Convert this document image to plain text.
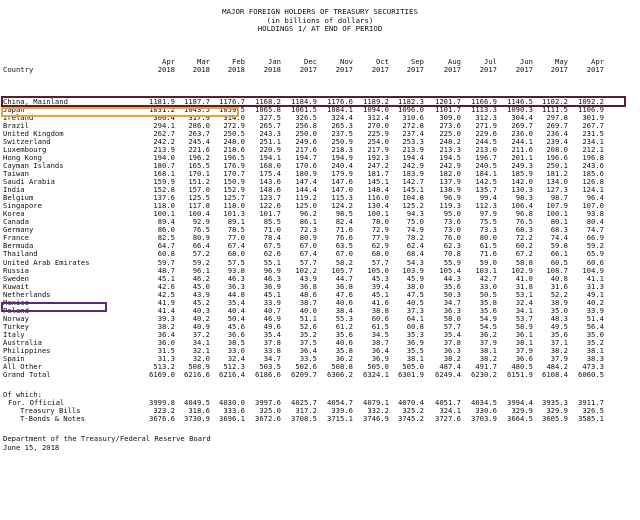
MAJOR FOREIGN HOLDERS OF TREASURY SECURITIES
(in billions of dollars)
HOLDINGS 1/ AT END OF PERIOD
Apr	Mar	Feb	Jan	Dec	Nov	Oct	Sep	Aug	Jul	Jun	May	Apr
Country	2018	2018	2018	2018	2017	2017	2017	2017	2017	2017	2017	2017	2017
China, Mainland	1181.9	1187.7	1176.7	1168.2	1184.9	1176.6	1189.2	1182.3	1201.7	1166.9	1146.5	1102.2	1092.2
Japan	1031.2	1043.5	1059.5	1065.8	1061.5	1084.1	1094.0	1096.0	1101.7	1113.3	1090.3	1111.5	1106.9
Ireland	300.4	317.9	314.0	327.5	326.5	324.4	312.4	310.6	309.0	312.3	304.4	297.8	301.9
Brazil	294.1	286.0	272.9	265.7	256.8	265.3	270.0	272.8	273.6	271.9	269.7	269.7	267.7
United Kingdom	262.7	263.7	250.5	243.3	250.0	237.5	225.9	237.4	225.0	229.6	236.0	236.4	231.5
Switzerland	242.2	245.4	248.0	251.1	249.6	250.9	254.0	253.3	248.2	244.5	244.1	239.4	234.1
Luxembourg	213.9	221.6	218.6	220.9	217.6	218.3	217.9	213.9	213.3	213.0	211.6	208.0	212.1
Hong Kong	194.0	196.2	196.5	194.1	194.7	194.9	192.3	194.4	194.5	196.7	201.1	196.6	196.8
Cayman Islands	180.7	165.5	176.9	168.0	170.6	240.4	247.2	242.9	242.9	240.5	249.3	250.1	243.6
Taiwan	168.1	170.1	170.7	175.4	180.9	179.9	181.7	183.9	182.0	184.1	185.9	181.2	185.6
Saudi Arabia	159.9	151.2	150.9	143.6	147.4	147.6	145.1	142.7	137.9	142.5	142.0	134.0	126.8
India	152.8	157.0	152.9	148.6	144.4	147.0	148.4	145.1	138.9	135.7	130.3	127.3	124.1
Belgium	137.6	125.5	125.7	123.7	119.2	115.3	116.0	104.8	96.9	99.4	98.3	98.7	96.4
Singapore	118.0	117.8	118.0	122.6	125.0	124.2	130.4	125.2	119.3	112.3	106.4	107.9	107.0
Korea	100.1	100.4	101.3	101.7	96.2	98.5	100.1	94.3	95.0	97.9	96.8	100.1	93.8
Canada	89.4	92.9	89.1	85.5	86.1	82.4	78.0	75.0	73.6	75.5	76.5	80.1	80.4
Germany	86.0	76.5	78.5	71.0	72.3	71.6	72.9	74.9	73.0	73.3	68.3	68.3	74.7
France	82.5	80.9	77.0	78.4	80.9	76.6	77.9	78.2	76.0	80.0	72.2	74.4	66.9
Bermuda	64.7	66.4	67.4	67.5	67.0	63.5	62.9	62.4	62.3	61.5	60.2	59.8	59.2
Thailand	60.8	57.2	68.0	62.6	67.4	67.0	68.0	68.4	70.8	71.6	67.2	66.1	65.9
United Arab Emirates	59.7	59.2	57.5	55.1	57.7	58.2	57.7	54.3	55.9	59.0	58.8	60.5	60.6
Russia	48.7	96.1	93.8	96.9	102.2	105.7	105.0	103.9	105.4	103.1	102.9	108.7	104.9
Sweden	45.1	46.2	46.3	46.3	43.9	44.7	45.3	45.9	44.3	42.7	41.0	40.8	41.1
Kuwait	42.6	45.0	36.3	36.9	36.8	36.8	39.4	38.0	35.6	33.0	31.8	31.6	31.3
Netherlands	42.5	43.9	44.8	45.1	48.6	47.6	45.1	47.5	50.3	50.5	53.1	52.2	49.1
Mexico	41.9	45.2	35.4	33.9	38.7	40.6	41.6	40.5	34.7	35.8	32.4	38.9	40.2
Poland	41.4	40.3	40.4	40.7	40.0	38.4	38.8	37.3	36.3	35.6	34.1	35.0	33.9
Norway	39.3	40.2	50.4	46.9	51.1	55.3	60.6	64.1	58.0	54.9	53.7	48.3	51.4
Turkey	38.2	40.9	45.6	49.6	52.6	61.2	61.5	60.8	57.7	54.5	58.9	49.5	56.4
Italy	36.4	37.2	36.6	35.4	35.2	35.6	34.5	35.3	35.4	36.2	36.1	35.6	35.0
Australia	36.0	34.1	38.5	37.8	37.5	40.6	38.7	36.9	37.8	37.9	38.1	37.1	35.2
Philippines	31.5	32.1	33.0	33.8	36.4	35.8	36.4	35.5	36.3	38.1	37.9	38.2	38.1
Spain	31.3	32.0	32.4	34.7	33.5	36.2	36.9	38.1	38.2	38.2	36.6	37.9	38.3
All Other	513.2	508.9	512.3	503.5	502.6	508.8	505.0	505.0	487.4	491.7	480.5	484.2	473.3
Grand Total	6169.0	6216.6	6216.4	6186.6	6209.7	6306.2	6324.1	6301.9	6249.4	6230.2	6151.9	6108.4	6060.5
Of which:
For. Official	3999.8	4049.5	4030.0	3997.6	4025.7	4054.7	4079.1	4070.4	4051.7	4034.5	3994.4	3935.3	3911.7
Treasury Bills	323.2	318.6	333.6	325.0	317.2	339.6	332.2	325.2	324.1	330.6	329.9	329.9	326.5
T-Bonds & Notes	3676.6	3730.9	3696.1	3672.6	3708.5	3715.1	3746.9	3745.2	3727.6	3703.9	3664.5	3605.9	3585.1
Department of the Treasury/Federal Reserve Board
June 15, 2018
